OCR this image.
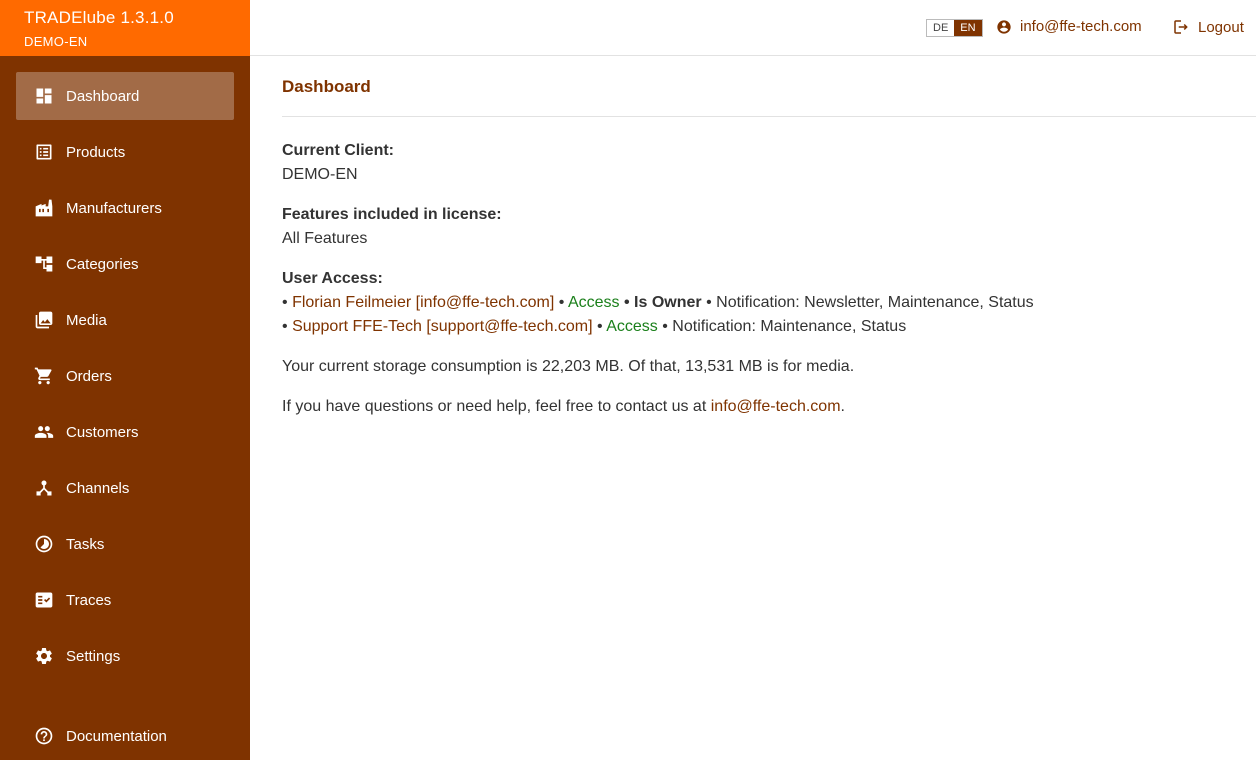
TRADElube 1.3.1.0
DEMO-EN
Dashboard
Products
Manufacturers
Categories
Media
Orders
Customers
Channels
Tasks
Traces
Settings
Documentation
DE	EN	info@ffe-tech.com	Logout
Dashboard
Current Client:
DEMO-EN
Features included in license:
All Features
User Access:
• Florian Feilmeier [info@ffe-tech.com] • Access • Is Owner • Notification: Newsletter, Maintenance, Status
• Support FFE-Tech [support@ffe-tech.com] • Access • Notification: Maintenance, Status
Your current storage consumption is 22,203 MB. Of that, 13,531 MB is for media.
If you have questions or need help, feel free to contact us at info@ffe-tech.com.
